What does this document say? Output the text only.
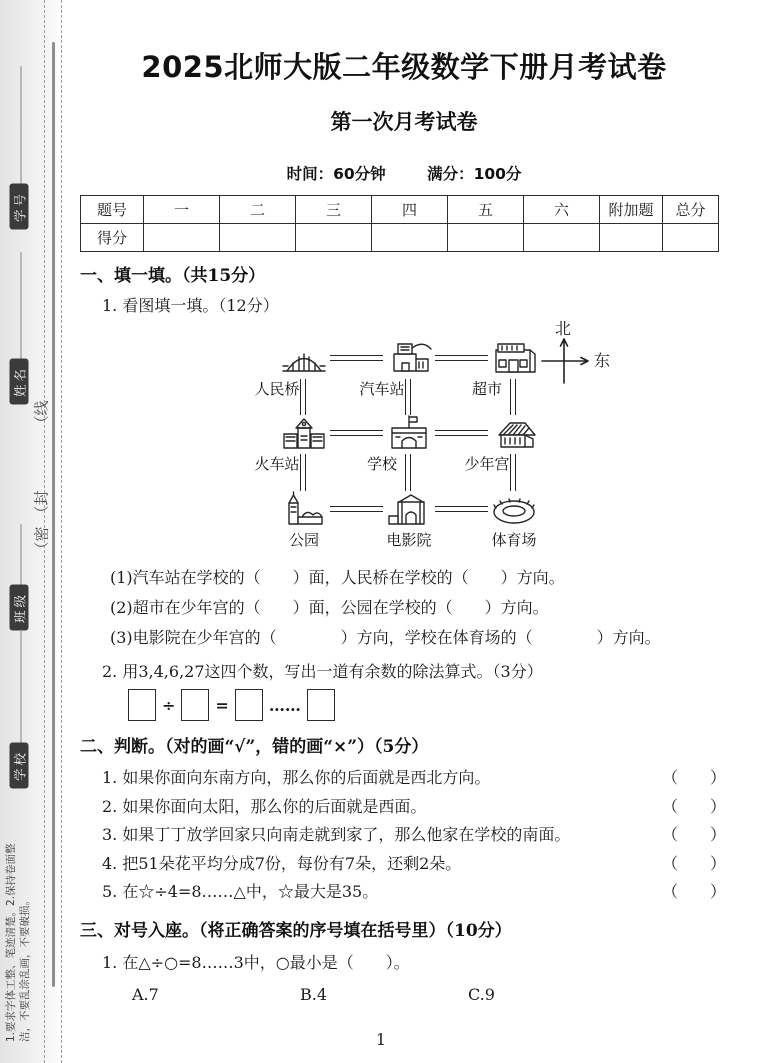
学号
姓名
（线
（封
（密
班级
学校
1.要求字体工整、笔迹清楚。2.保持卷面整洁，不要乱涂乱画，不要破损。
2025北师大版二年级数学下册月考试卷
第一次月考试卷
时间：60分钟	满分：100分
题号	一	二	三	四	五	六	附加题	总分
得分								
一、填一填。（共15分）
1. 看图填一填。（12分）
人民桥	汽车站	超市
北
东
火车站	学校	少年宫
公园	电影院	体育场
(1)汽车站在学校的（　　）面，人民桥在学校的（　　）方向。
(2)超市在少年宫的（　　）面，公园在学校的（　　）方向。
(3)电影院在少年宫的（　　　　）方向，学校在体育场的（　　　　）方向。
2. 用3,4,6,27这四个数，写出一道有余数的除法算式。（3分）
÷	=	……
二、判断。（对的画“√”，错的画“×”）（5分）
1. 如果你面向东南方向，那么你的后面就是西北方向。	（　　）
2. 如果你面向太阳，那么你的后面就是西面。	（　　）
3. 如果丁丁放学回家只向南走就到家了，那么他家在学校的南面。	（　　）
4. 把51朵花平均分成7份，每份有7朵，还剩2朵。	（　　）
5. 在☆÷4=8……△中，☆最大是35。	（　　）
三、对号入座。（将正确答案的序号填在括号里）（10分）
1. 在△÷○=8……3中，○最小是（　　）。
A.7	B.4	C.9
1
